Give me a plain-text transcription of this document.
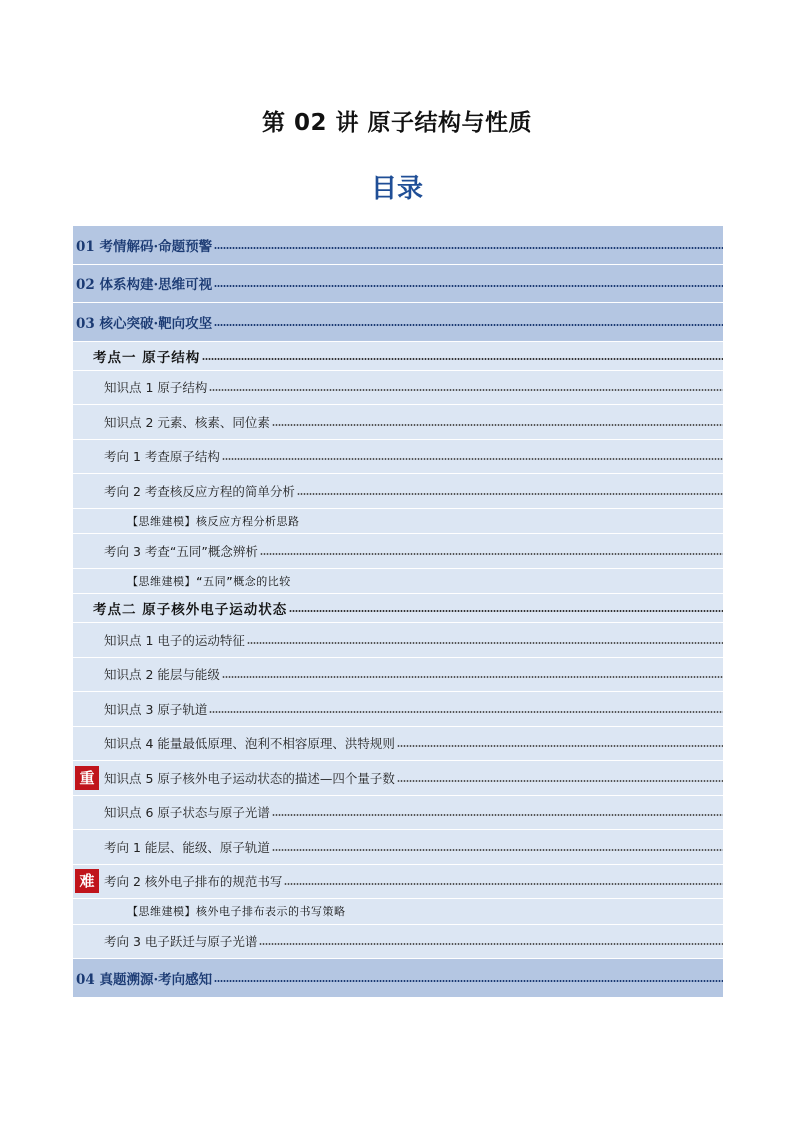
第 02 讲 原子结构与性质
目录
01 考情解码·命题预警
02 体系构建·思维可视
03 核心突破·靶向攻坚
考点一 原子结构
知识点 1 原子结构
知识点 2 元素、核素、同位素
考向 1 考查原子结构
考向 2 考查核反应方程的简单分析
【思维建模】核反应方程分析思路
考向 3 考查“五同”概念辨析
【思维建模】“五同”概念的比较
考点二 原子核外电子运动状态
知识点 1 电子的运动特征
知识点 2 能层与能级
知识点 3 原子轨道
知识点 4 能量最低原理、泡利不相容原理、洪特规则
重 知识点 5 原子核外电子运动状态的描述—四个量子数
知识点 6 原子状态与原子光谱
考向 1 能层、能级、原子轨道
难 考向 2 核外电子排布的规范书写
【思维建模】核外电子排布表示的书写策略
考向 3 电子跃迁与原子光谱
04 真题溯源·考向感知
